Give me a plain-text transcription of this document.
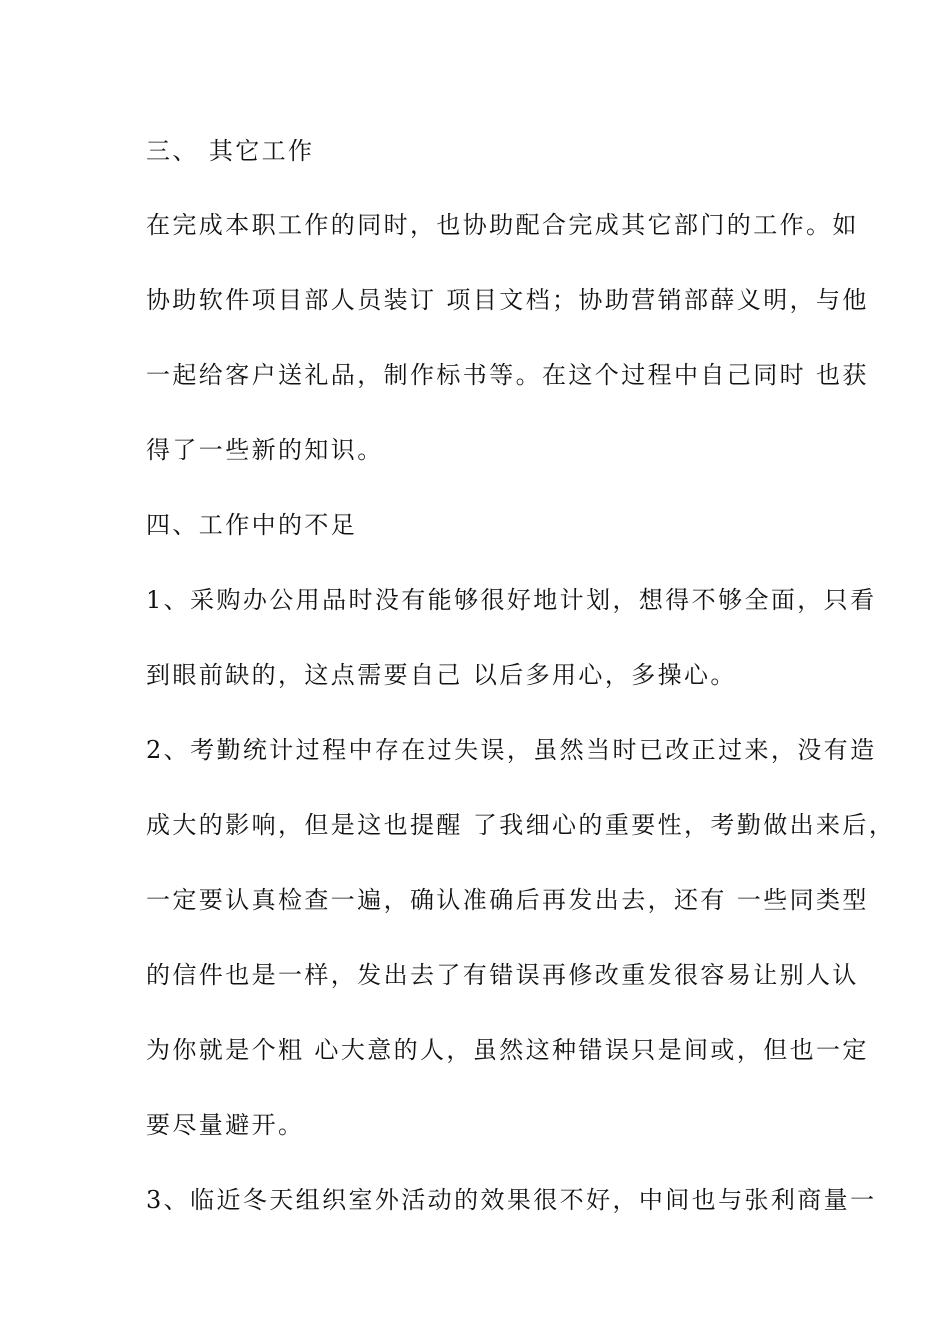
三、 其它工作
在完成本职工作的同时，也协助配合完成其它部门的工作。如
协助软件项目部人员装订 项目文档；协助营销部薛义明，与他
一起给客户送礼品，制作标书等。在这个过程中自己同时 也获
得了一些新的知识。
四、工作中的不足
1、采购办公用品时没有能够很好地计划，想得不够全面，只看
到眼前缺的，这点需要自己 以后多用心，多操心。
2、考勤统计过程中存在过失误，虽然当时已改正过来，没有造
成大的影响，但是这也提醒 了我细心的重要性，考勤做出来后，
一定要认真检查一遍，确认准确后再发出去，还有 一些同类型
的信件也是一样，发出去了有错误再修改重发很容易让别人认
为你就是个粗 心大意的人，虽然这种错误只是间或，但也一定
要尽量避开。
3、临近冬天组织室外活动的效果很不好，中间也与张利商量一
